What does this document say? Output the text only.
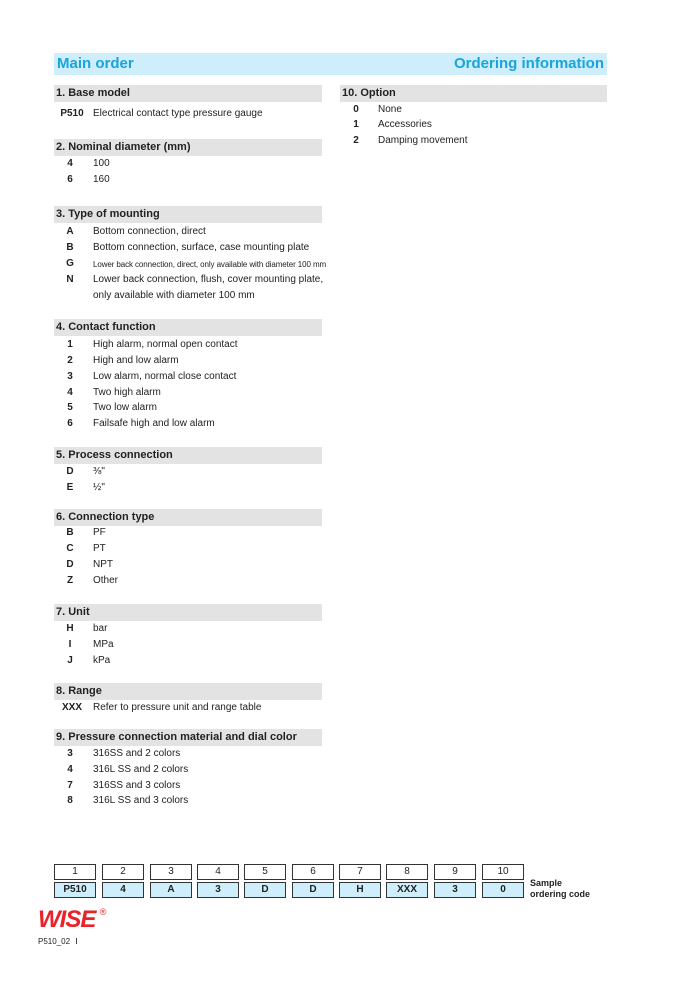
Main order	Ordering information
1. Base model
P510 Electrical contact type pressure gauge
2. Nominal diameter (mm)
4	100
6	160
3. Type of mounting
A	Bottom connection, direct
B	Bottom connection, surface, case mounting plate
G	Lower back connection, direct, only available with diameter 100 mm
N	Lower back connection, flush, cover mounting plate,
only available with diameter 100 mm
4. Contact function
1	High alarm, normal open contact
2	High and low alarm
3	Low alarm, normal close contact
4	Two high alarm
5	Two low alarm
6	Failsafe high and low alarm
5. Process connection
D	⅜"
E	½"
6. Connection type
B	PF
C	PT
D	NPT
Z	Other
7. Unit
H	bar
I	MPa
J	kPa
8. Range
XXX	Refer to pressure unit and range table
9. Pressure connection material and dial color
3	316SS and 2 colors
4	316L SS and 2 colors
7	316SS and 3 colors
8	316L SS and 3 colors
10. Option
0	None
1	Accessories
2	Damping movement
1	2	3	4	5	6	7	8	9	10
P510	4	A	3	D	D	H	XXX	3	0
Sample
ordering code
WISE ®
P510_02
